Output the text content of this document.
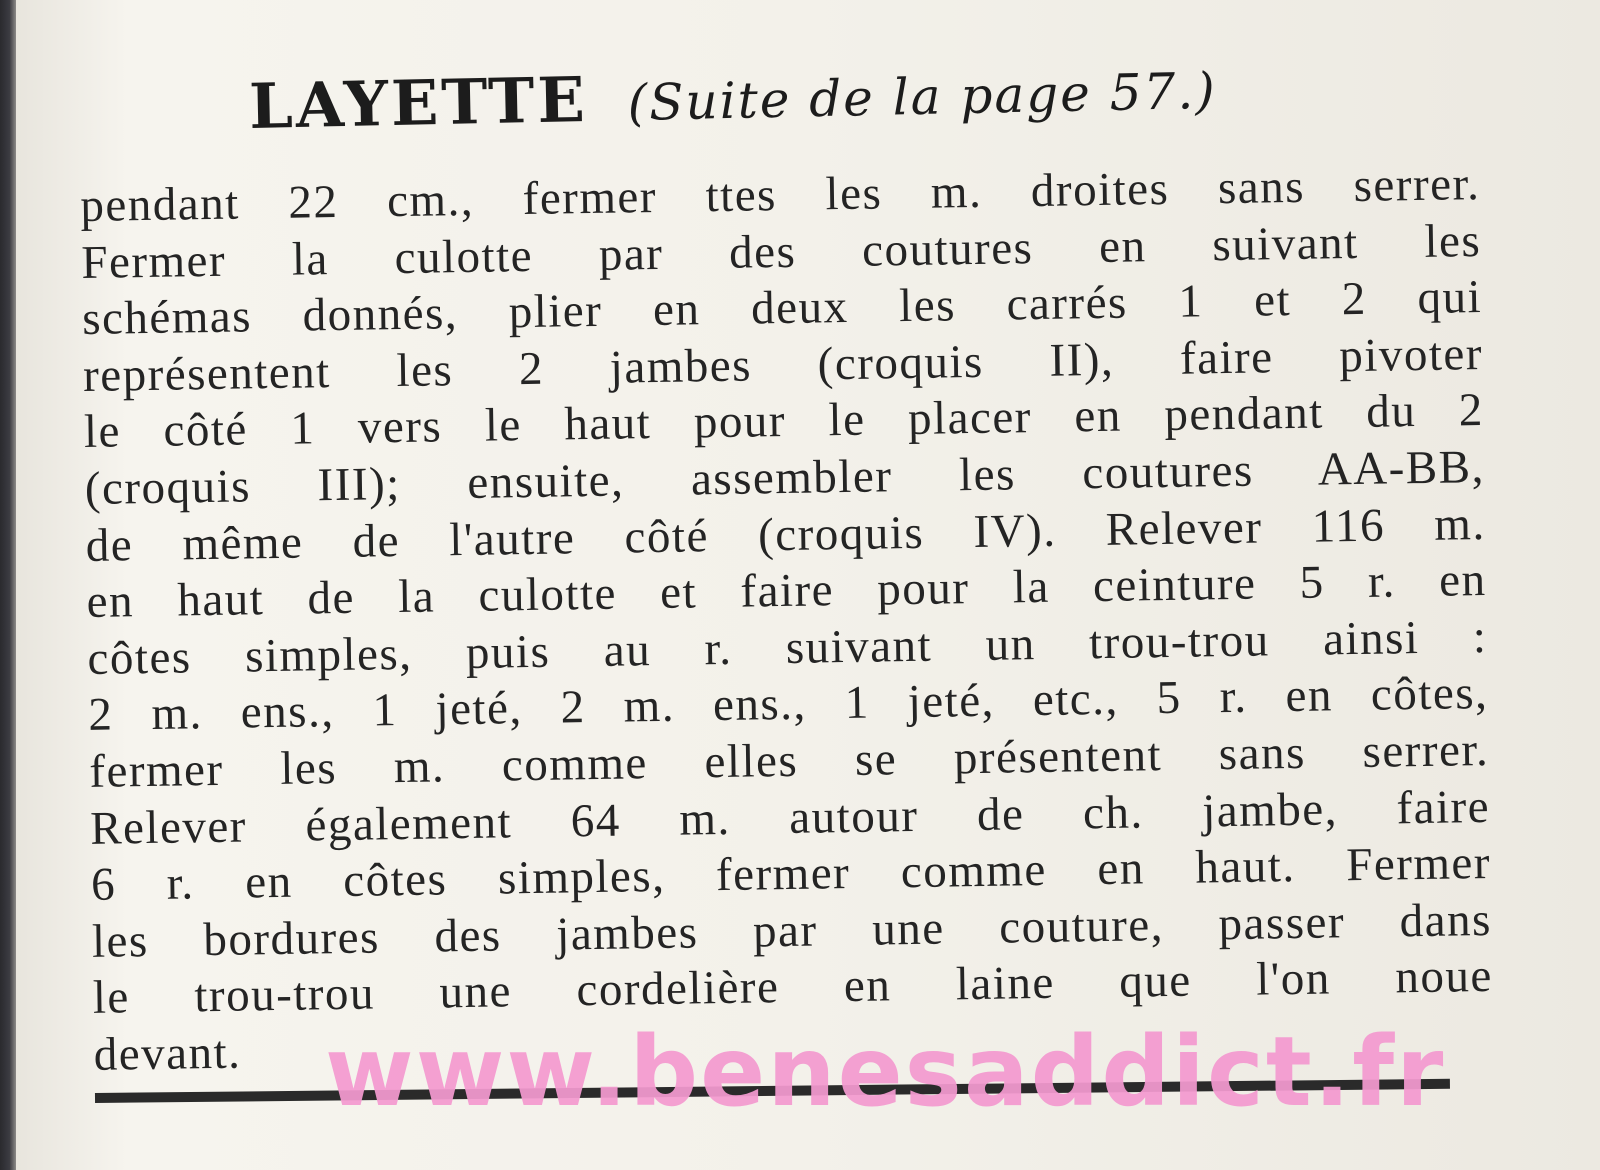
LAYETTE (Suite de la page 57.)
pendant 22 cm., fermer ttes les m. droites sans serrer.
Fermer la culotte par des coutures en suivant les
schémas donnés, plier en deux les carrés 1 et 2 qui
représentent les 2 jambes (croquis II), faire pivoter
le côté 1 vers le haut pour le placer en pendant du 2
(croquis III); ensuite, assembler les coutures AA-BB,
de même de l'autre côté (croquis IV). Relever 116 m.
en haut de la culotte et faire pour la ceinture 5 r. en
côtes simples, puis au r. suivant un trou-trou ainsi :
2 m. ens., 1 jeté, 2 m. ens., 1 jeté, etc., 5 r. en côtes,
fermer les m. comme elles se présentent sans serrer.
Relever également 64 m. autour de ch. jambe, faire
6 r. en côtes simples, fermer comme en haut. Fermer
les bordures des jambes par une couture, passer dans
le trou-trou une cordelière en laine que l'on noue
devant. www.benesaddict.fr
